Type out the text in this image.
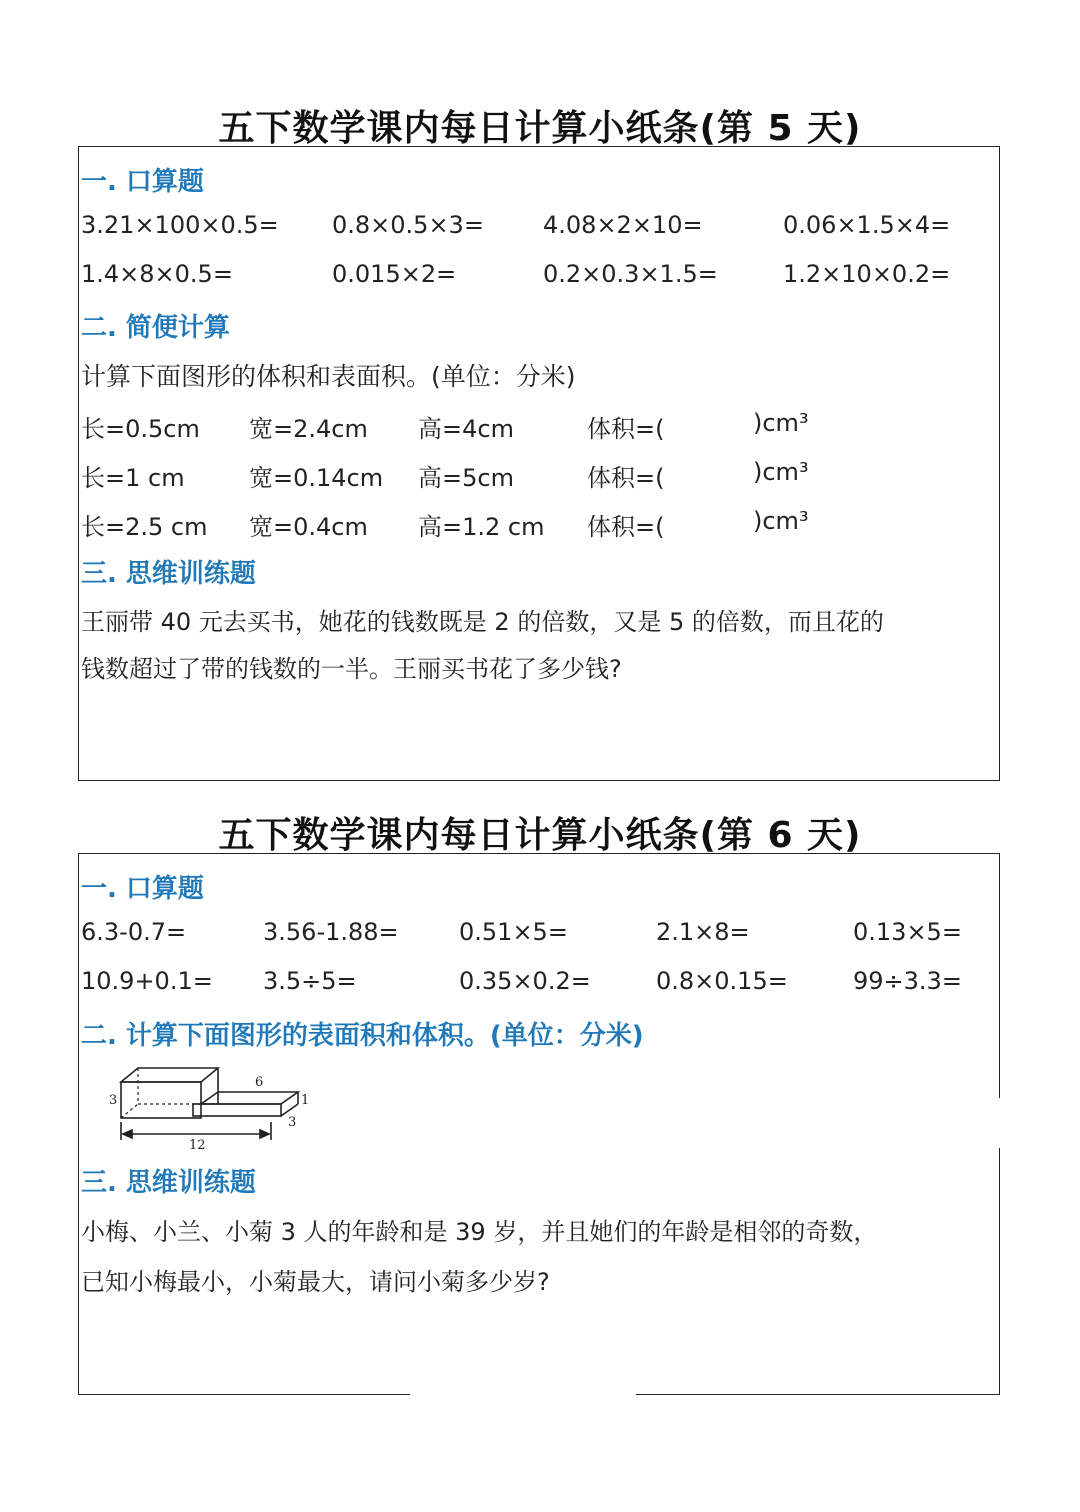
五下数学课内每日计算小纸条(第 5 天)
一. 口算题
3.21×100×0.5= 0.8×0.5×3= 4.08×2×10=	0.06×1.5×4=
1.4×8×0.5=	0.015×2=	0.2×0.3×1.5=	1.2×10×0.2=
二. 简便计算
计算下面图形的体积和表面积。(单位：分米)
长=0.5cm 宽=2.4cm 高=4cm	体积=(	)cm³
长=1 cm	宽=0.14cm 高=5cm	体积=(	)cm³
长=2.5 cm 宽=0.4cm 高=1.2 cm 体积=(	)cm³
三. 思维训练题
王丽带 40 元去买书，她花的钱数既是 2 的倍数，又是 5 的倍数，而且花的
钱数超过了带的钱数的一半。王丽买书花了多少钱?
五下数学课内每日计算小纸条(第 6 天)
一. 口算题
6.3-0.7=	3.56-1.88=	0.51×5=	2.1×8=	0.13×5=
10.9+0.1= 3.5÷5=	0.35×0.2=	0.8×0.15=	99÷3.3=
二. 计算下面图形的表面积和体积。(单位：分米)
3
6
1
3
12
三. 思维训练题
小梅、小兰、小菊 3 人的年龄和是 39 岁，并且她们的年龄是相邻的奇数，
已知小梅最小，小菊最大，请问小菊多少岁?
